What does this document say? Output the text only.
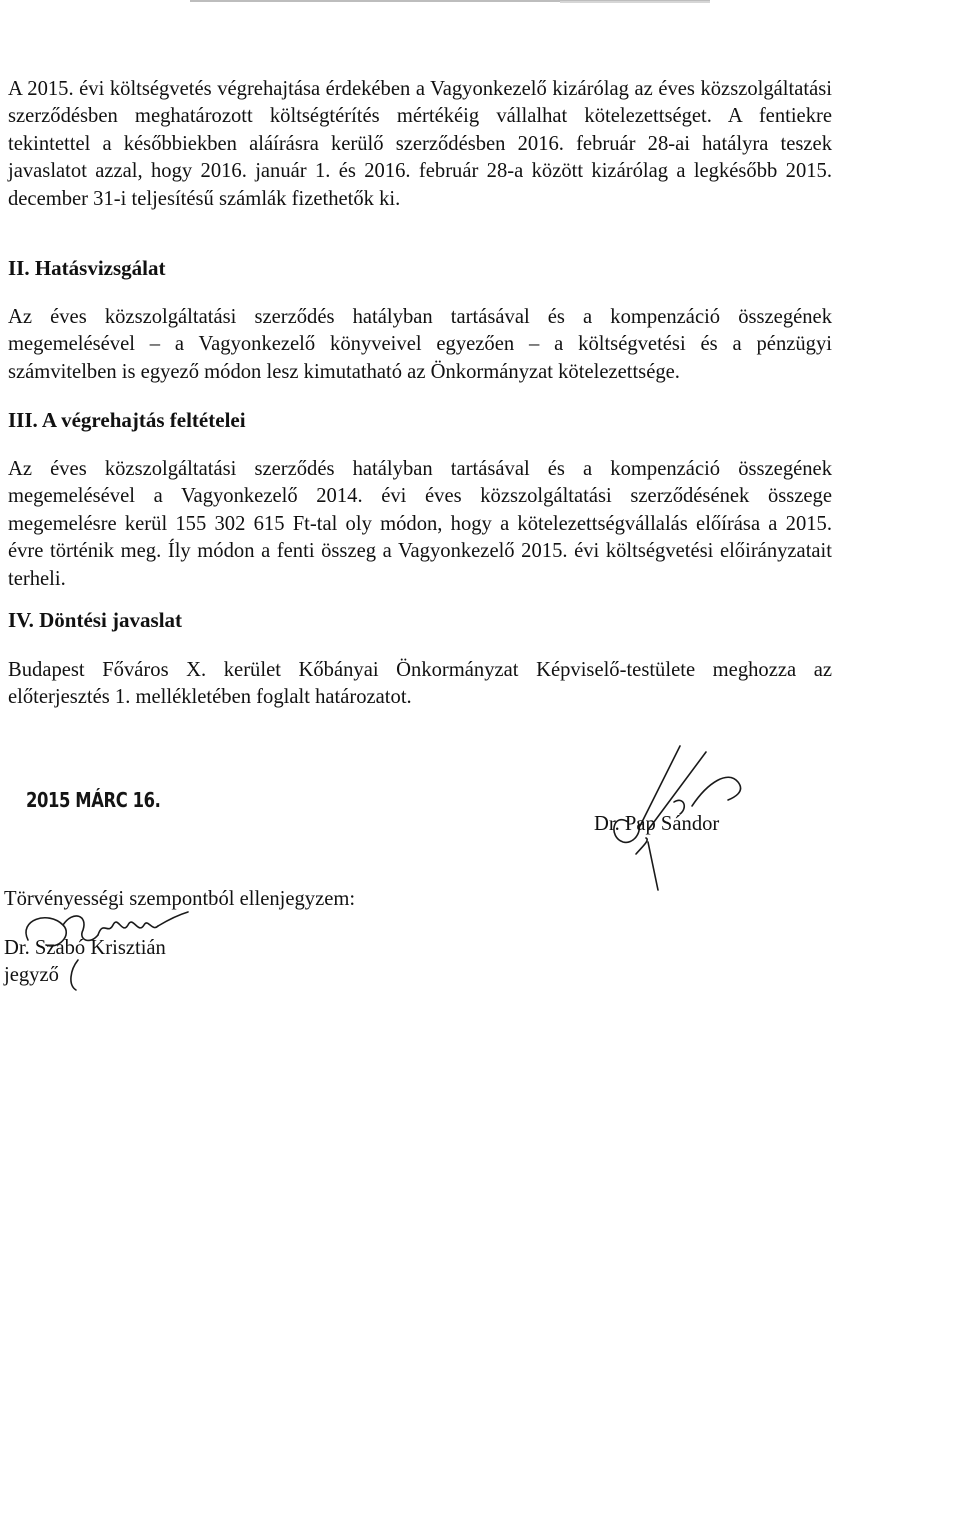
A 2015. évi költségvetés végrehajtása érdekében a Vagyonkezelő kizárólag az éves közszolgáltatási szerződésben meghatározott költségtérítés mértékéig vállalhat kötelezettséget. A fentiekre tekintettel a későbbiekben aláírásra kerülő szerződésben 2016. február 28-ai hatályra teszek javaslatot azzal, hogy 2016. január 1. és 2016. február 28-a között kizárólag a legkésőbb 2015. december 31-i teljesítésű számlák fizethetők ki.

II. Hatásvizsgálat

Az éves közszolgáltatási szerződés hatályban tartásával és a kompenzáció összegének megemelésével – a Vagyonkezelő könyveivel egyezően – a költségvetési és a pénzügyi számvitelben is egyező módon lesz kimutatható az Önkormányzat kötelezettsége.

III. A végrehajtás feltételei

Az éves közszolgáltatási szerződés hatályban tartásával és a kompenzáció összegének megemelésével a Vagyonkezelő 2014. évi éves közszolgáltatási szerződésének összege megemelésre kerül 155 302 615 Ft-tal oly módon, hogy a kötelezettségvállalás előírása a 2015. évre történik meg. Íly módon a fenti összeg a Vagyonkezelő 2015. évi költségvetési előirányzatait terheli.

IV. Döntési javaslat

Budapest Főváros X. kerület Kőbányai Önkormányzat Képviselő-testülete meghozza az előterjesztés 1. mellékletében foglalt határozatot.

2015 MÁRC 16.
Dr. Pap Sándor
Törvényességi szempontból ellenjegyzem:
Dr. Szabó Krisztián
jegyző
